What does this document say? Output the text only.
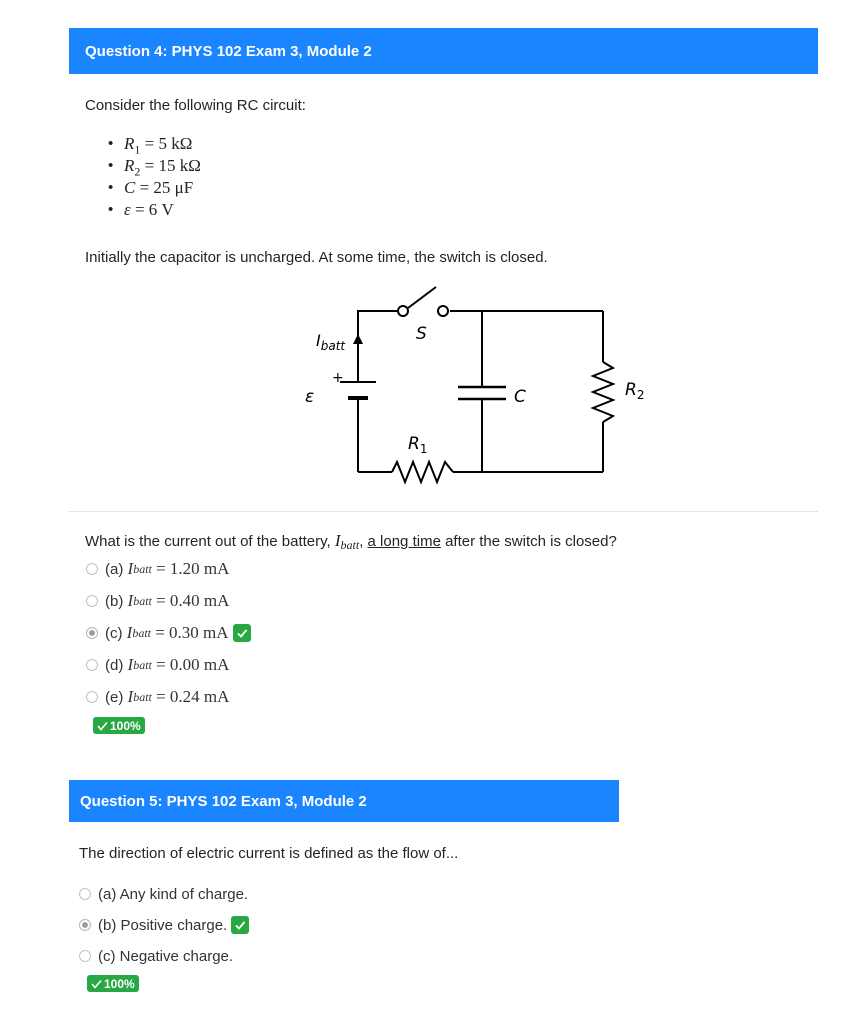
Question 4: PHYS 102 Exam 3, Module 2
Consider the following RC circuit:
• $R_1 = 5$ kΩ
• $R_2 = 15$ kΩ
• C = 25 μF
• ε = 6 V
Initially the capacitor is uncharged. At some time, the switch is closed.
$I_{batt}$
ε
S
C
$R_1$
$R_2$
+
What is the current out of the battery, $I_{batt}$, a long time after the switch is closed?
(a)
I batt
= 1.20 mA
(b)
I batt
= 0.40 mA
(c)
I batt
= 0.30 mA
(d)
I batt
= 0.00 mA
(e)
I batt
= 0.24 mA
100%
Question 5: PHYS 102 Exam 3, Module 2
The direction of electric current is defined as the flow of...
(a) Any kind of charge.
(b) Positive charge.
(c) Negative charge.
100%
